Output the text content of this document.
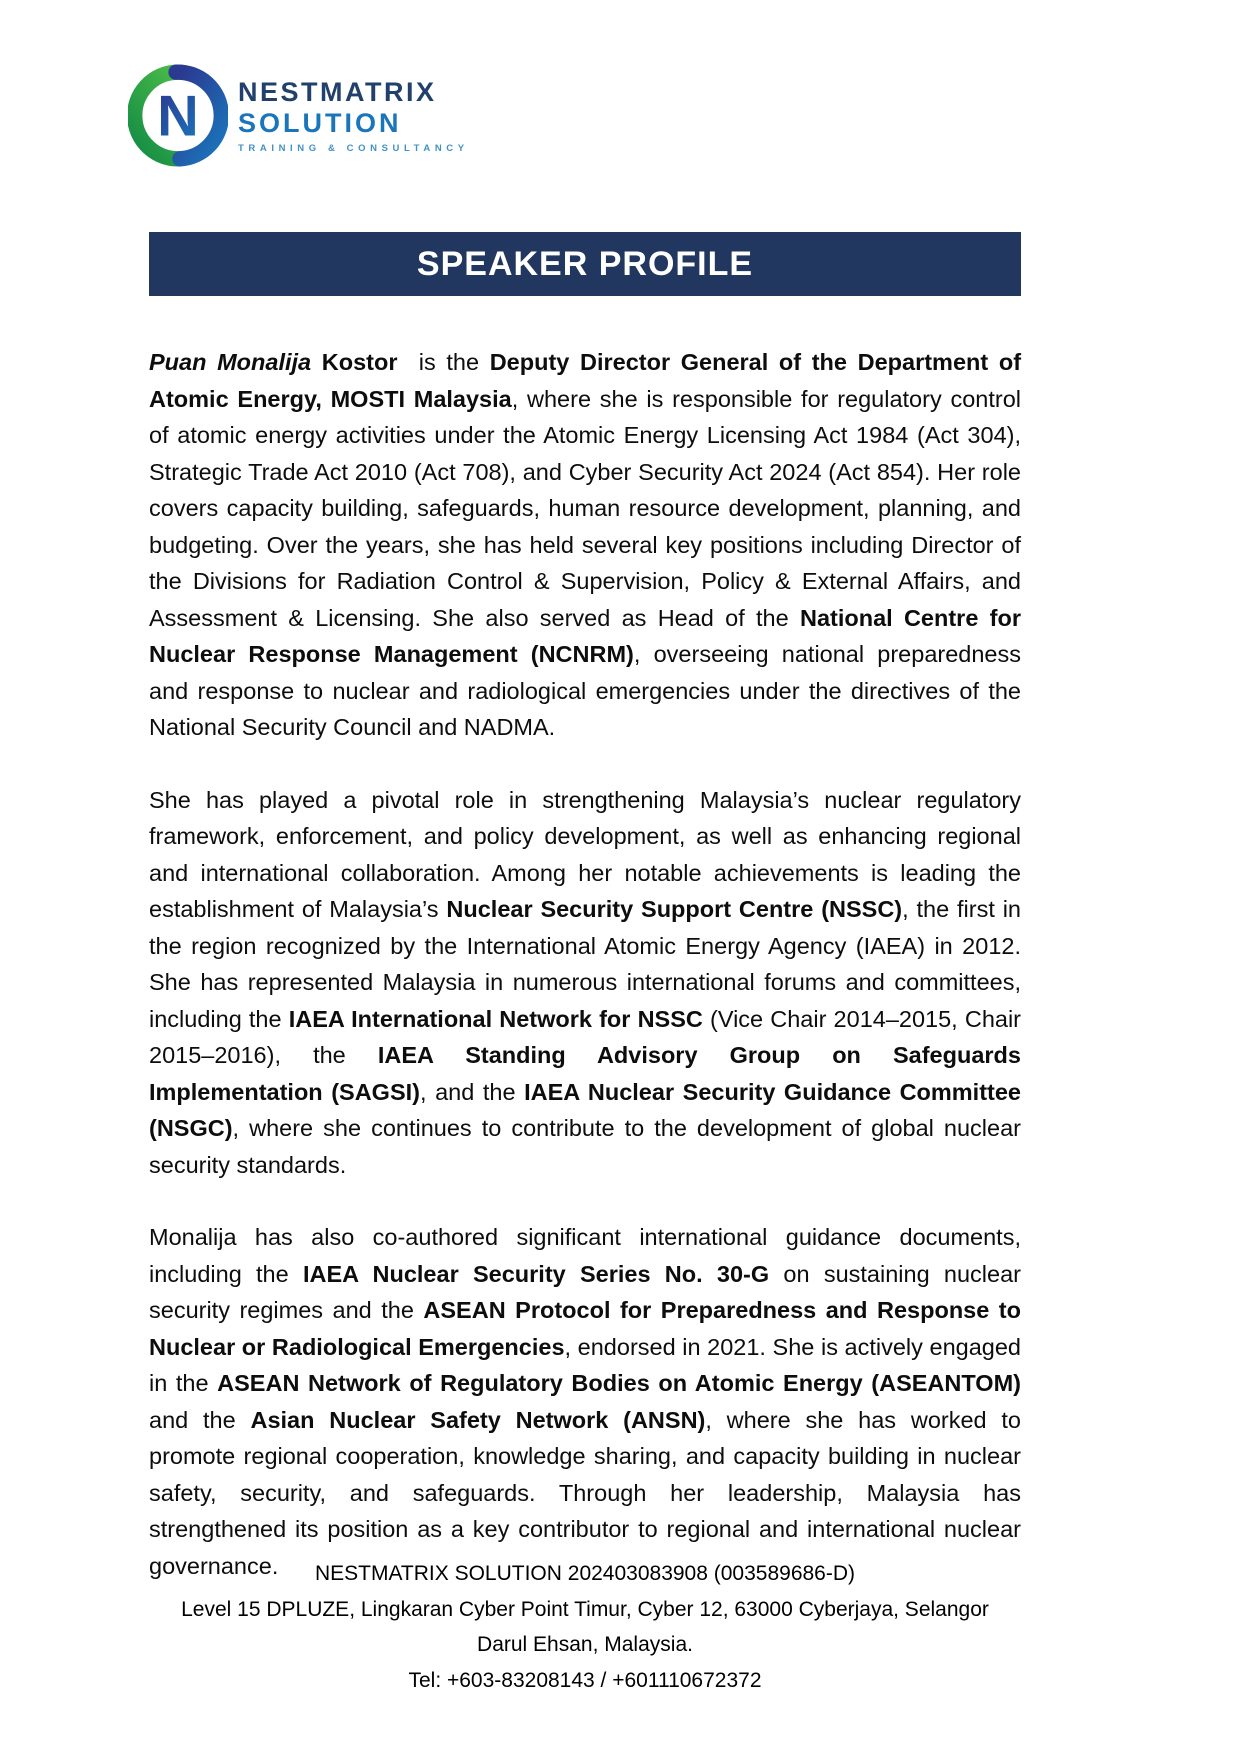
N NESTMATRIX
SOLUTION
TRAINING & CONSULTANCY
SPEAKER PROFILE

Puan Monalija Kostor  is the Deputy Director General of the Department of Atomic Energy, MOSTI Malaysia, where she is responsible for regulatory control of atomic energy activities under the Atomic Energy Licensing Act 1984 (Act 304), Strategic Trade Act 2010 (Act 708), and Cyber Security Act 2024 (Act 854). Her role covers capacity building, safeguards, human resource development, planning, and budgeting. Over the years, she has held several key positions including Director of the Divisions for Radiation Control & Supervision, Policy & External Affairs, and Assessment & Licensing. She also served as Head of the National Centre for Nuclear Response Management (NCNRM), overseeing national preparedness and response to nuclear and radiological emergencies under the directives of the National Security Council and NADMA.

She has played a pivotal role in strengthening Malaysia’s nuclear regulatory framework, enforcement, and policy development, as well as enhancing regional and international collaboration. Among her notable achievements is leading the establishment of Malaysia’s Nuclear Security Support Centre (NSSC), the first in the region recognized by the International Atomic Energy Agency (IAEA) in 2012. She has represented Malaysia in numerous international forums and committees, including the IAEA International Network for NSSC (Vice Chair 2014–2015, Chair 2015–2016), the IAEA Standing Advisory Group on Safeguards Implementation (SAGSI), and the IAEA Nuclear Security Guidance Committee (NSGC), where she continues to contribute to the development of global nuclear security standards.

Monalija has also co-authored significant international guidance documents, including the IAEA Nuclear Security Series No. 30-G on sustaining nuclear security regimes and the ASEAN Protocol for Preparedness and Response to Nuclear or Radiological Emergencies, endorsed in 2021. She is actively engaged in the ASEAN Network of Regulatory Bodies on Atomic Energy (ASEANTOM) and the Asian Nuclear Safety Network (ANSN), where she has worked to promote regional cooperation, knowledge sharing, and capacity building in nuclear safety, security, and safeguards. Through her leadership, Malaysia has strengthened its position as a key contributor to regional and international nuclear governance.	NESTMATRIX SOLUTION 202403083908 (003589686-D)
Level 15 DPLUZE, Lingkaran Cyber Point Timur, Cyber 12, 63000 Cyberjaya, Selangor Darul Ehsan, Malaysia.
Tel: +603-83208143 / +601110672372
